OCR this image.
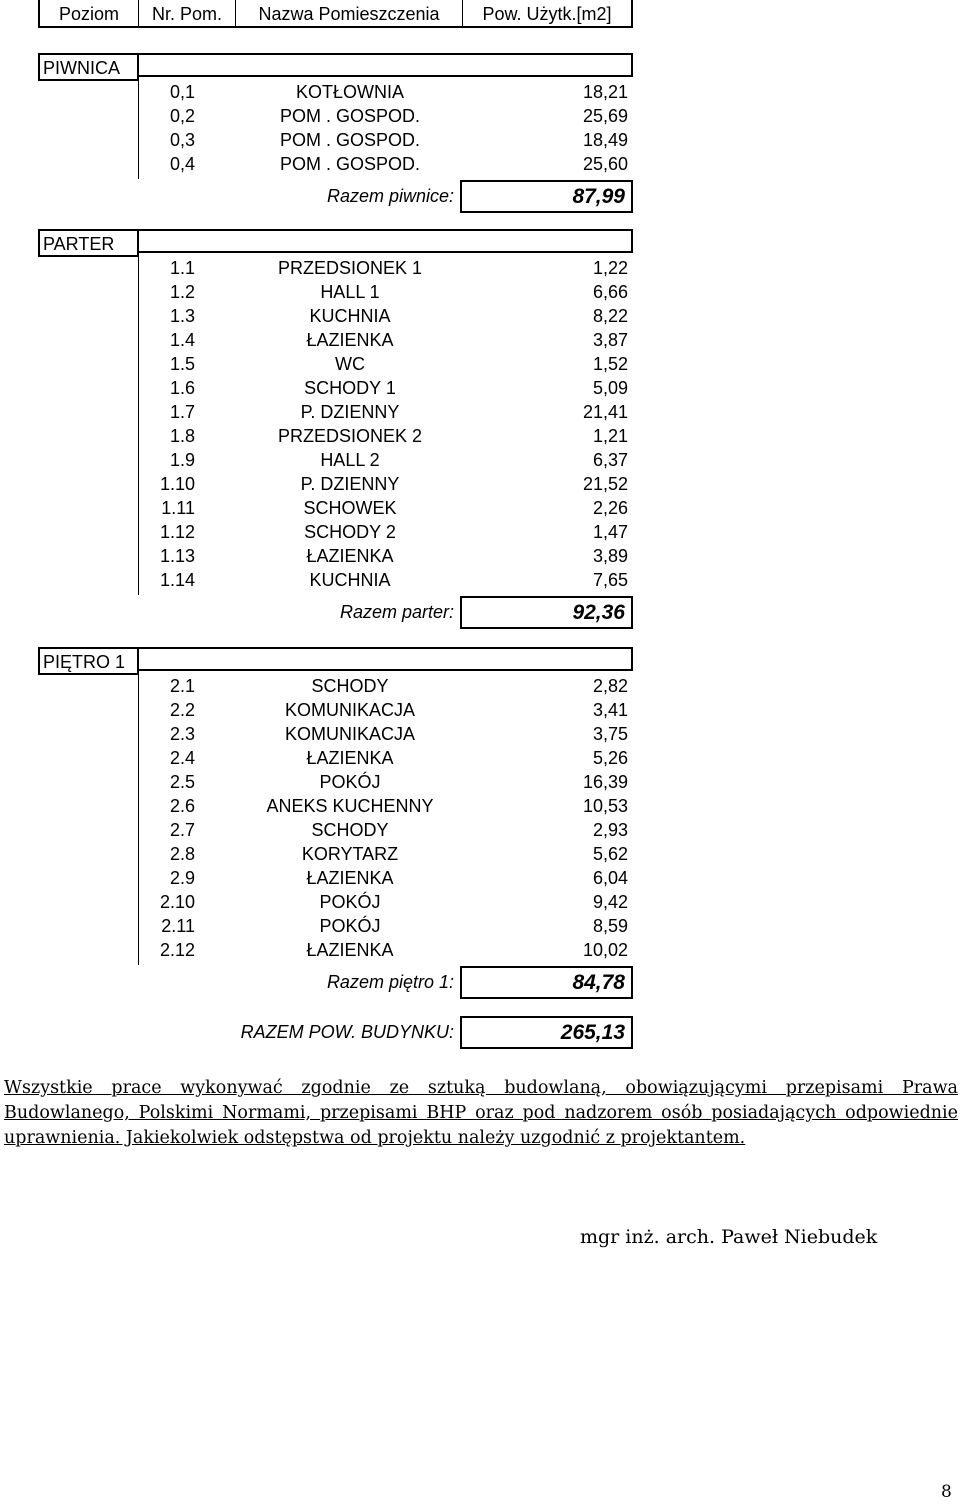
Poziom	Nr. Pom.	Nazwa Pomieszczenia	Pow. Użytk.[m2]
PIWNICA
0,1	KOTŁOWNIA	18,21
0,2	POM . GOSPOD.	25,69
0,3	POM . GOSPOD.	18,49
0,4	POM . GOSPOD.	25,60
Razem piwnice:	87,99
PARTER
1.1	PRZEDSIONEK 1	1,22
1.2	HALL 1	6,66
1.3	KUCHNIA	8,22
1.4	ŁAZIENKA	3,87
1.5	WC	1,52
1.6	SCHODY 1	5,09
1.7	P. DZIENNY	21,41
1.8	PRZEDSIONEK 2	1,21
1.9	HALL 2	6,37
1.10	P. DZIENNY	21,52
1.11	SCHOWEK	2,26
1.12	SCHODY 2	1,47
1.13	ŁAZIENKA	3,89
1.14	KUCHNIA	7,65
Razem parter:	92,36
PIĘTRO 1
2.1	SCHODY	2,82
2.2	KOMUNIKACJA	3,41
2.3	KOMUNIKACJA	3,75
2.4	ŁAZIENKA	5,26
2.5	POKÓJ	16,39
2.6	ANEKS KUCHENNY	10,53
2.7	SCHODY	2,93
2.8	KORYTARZ	5,62
2.9	ŁAZIENKA	6,04
2.10	POKÓJ	9,42
2.11	POKÓJ	8,59
2.12	ŁAZIENKA	10,02
Razem piętro 1:	84,78
RAZEM POW. BUDYNKU:	265,13
Wszystkie prace wykonywać zgodnie ze sztuką budowlaną, obowiązującymi przepisami Prawa Budowlanego, Polskimi Normami, przepisami BHP oraz pod nadzorem osób posiadających odpowiednie uprawnienia. Jakiekolwiek odstępstwa od projektu należy uzgodnić z projektantem.
mgr inż. arch. Paweł Niebudek
8
